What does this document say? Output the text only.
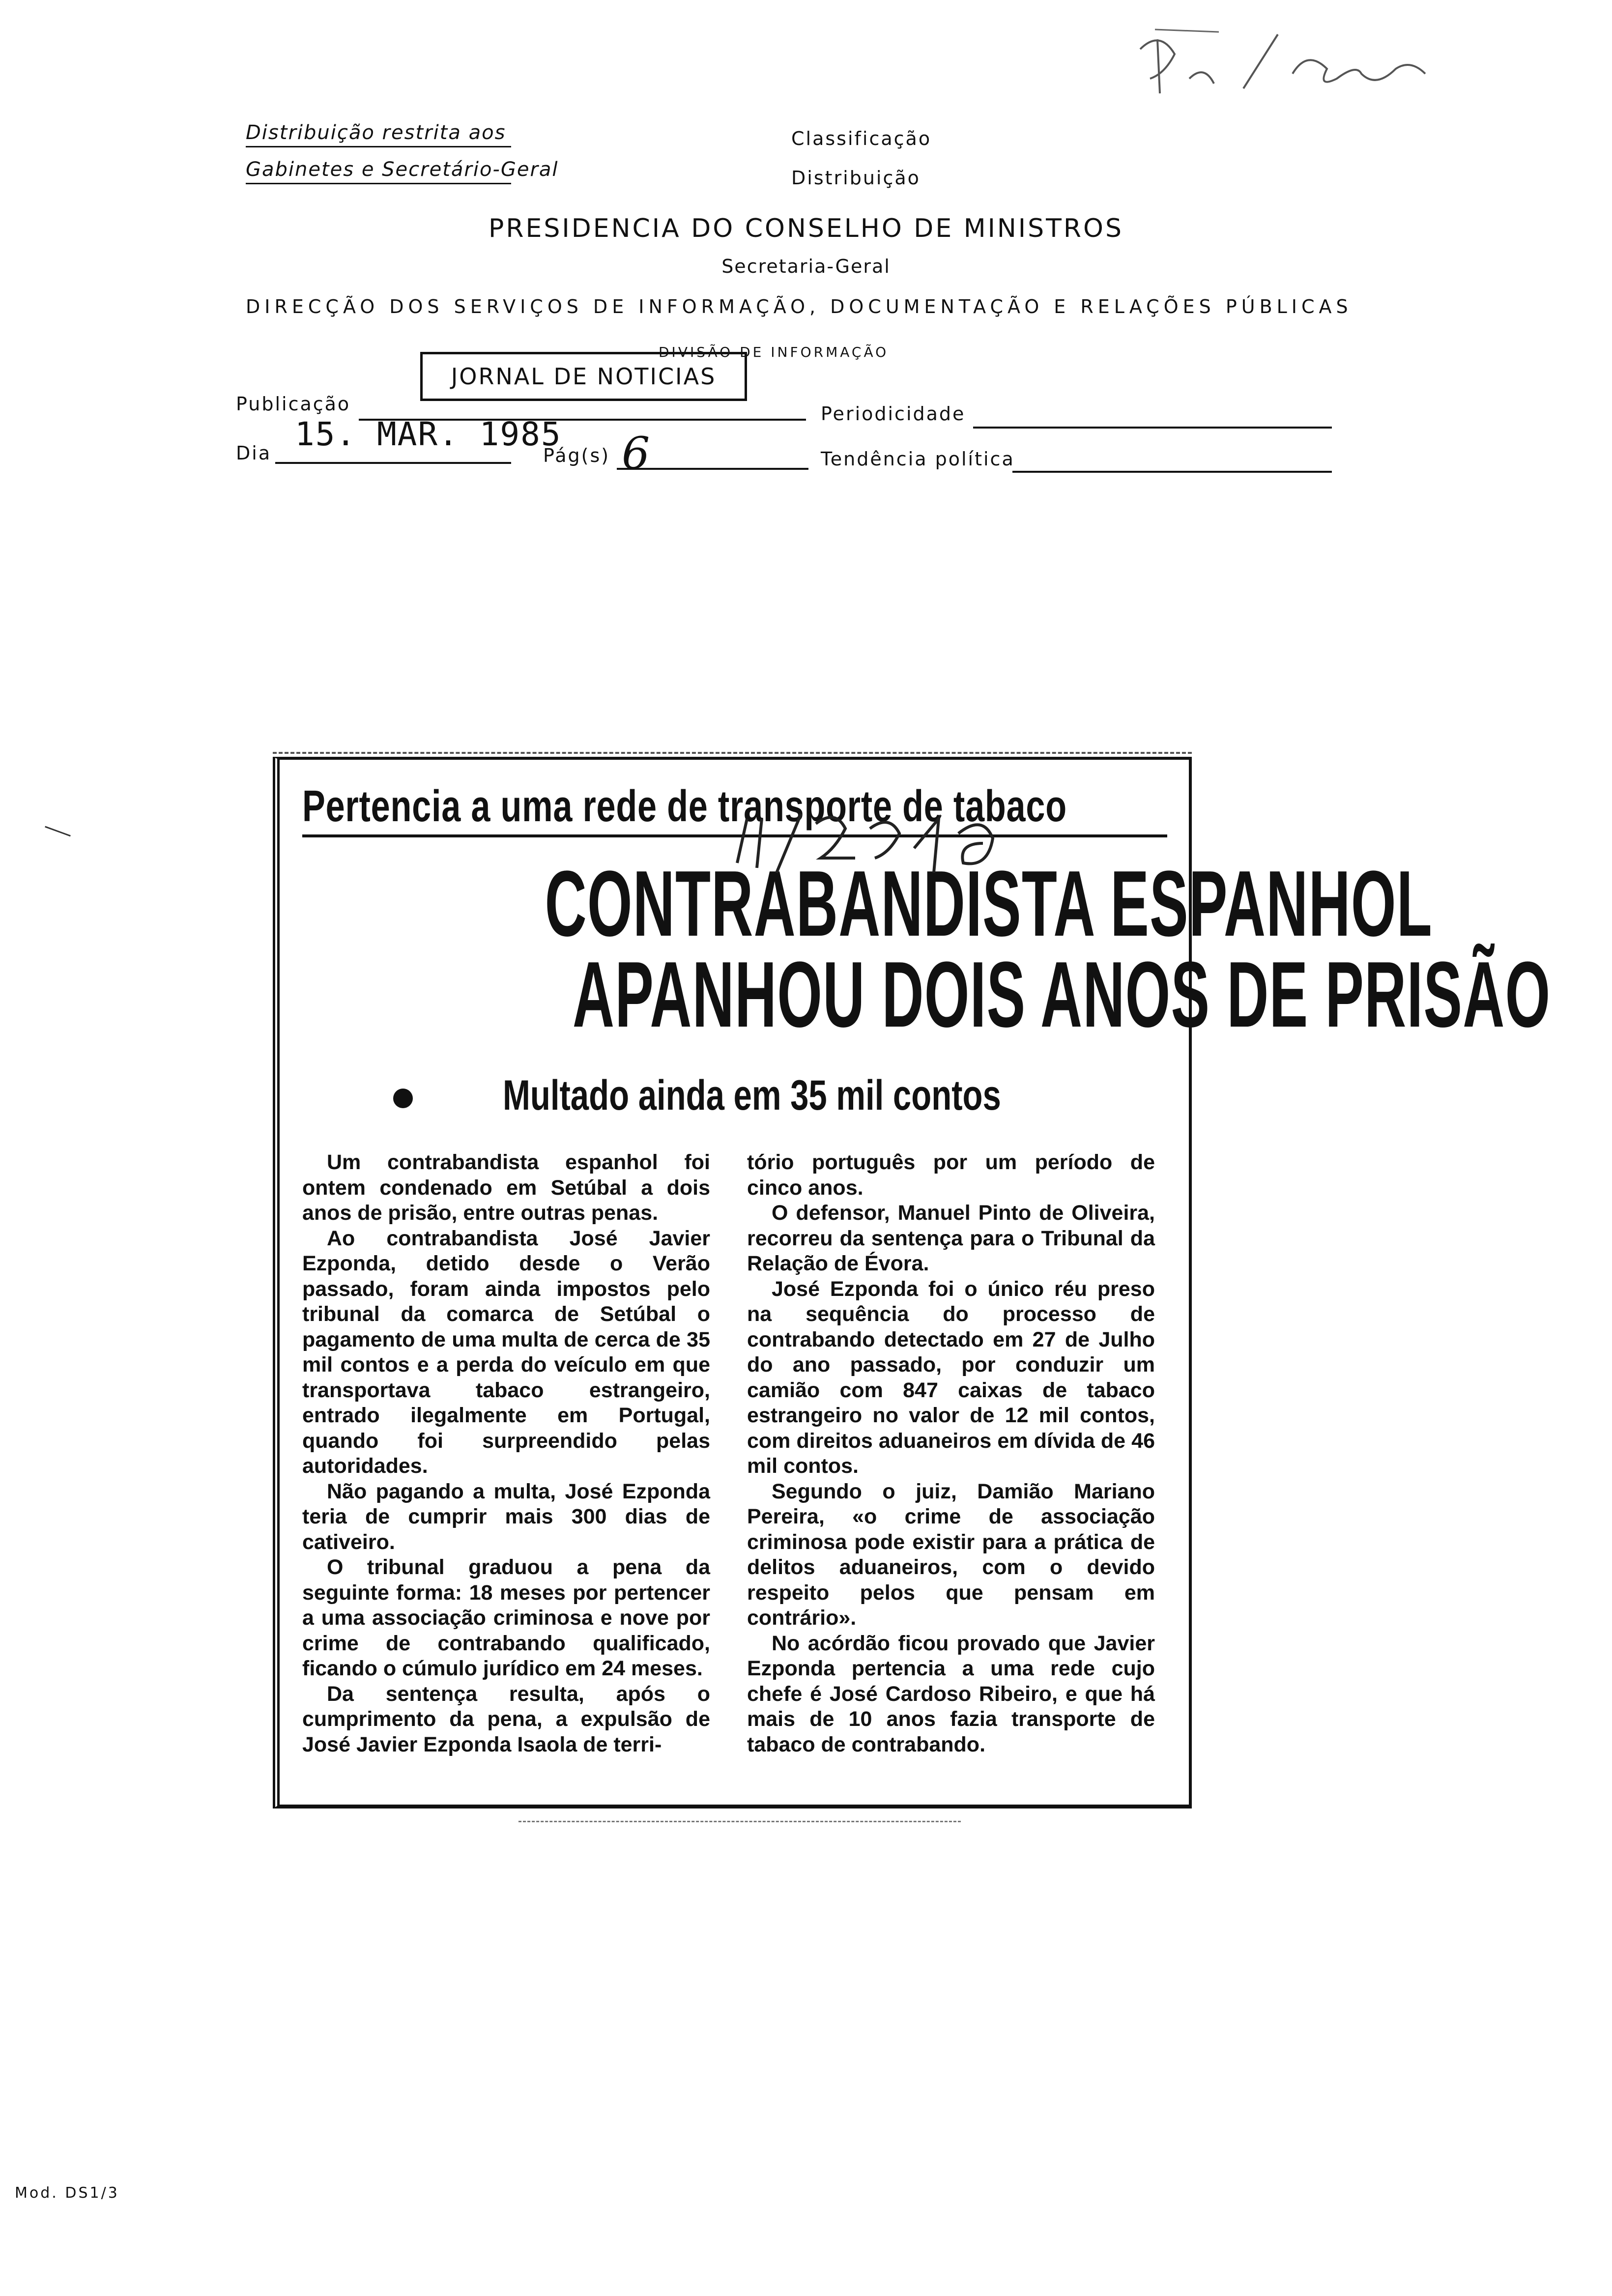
Distribuição restrita aos
Gabinetes e Secretário-Geral
Classificação
Distribuição
PRESIDENCIA DO CONSELHO DE MINISTROS
Secretaria-Geral
DIRECÇÃO DOS SERVIÇOS DE INFORMAÇÃO, DOCUMENTAÇÃO E RELAÇÕES PÚBLICAS
DIVISÃO DE INFORMAÇÃO
Publicação
JORNAL DE NOTICIAS
Periodicidade
Dia 15. MAR. 1985
Pág(s) 6	Tendência política
Pertencia a uma rede de transporte de tabaco
CONTRABANDISTA ESPANHOL
APANHOU DOIS ANOS DE PRISÃO
Multado ainda em 35 mil contos

Um contrabandista espanhol foi ontem condenado em Setúbal a dois anos de prisão, entre outras penas.

Ao contrabandista José Javier Ezponda, detido desde o Verão passado, foram ainda impostos pelo tribunal da comarca de Setúbal o pagamento de uma multa de cerca de 35 mil contos e a perda do veículo em que transportava tabaco estrangeiro, entrado ilegalmente em Portugal, quando foi surpreendido pelas autoridades.

Não pagando a multa, José Ezponda teria de cumprir mais 300 dias de cativeiro.

O tribunal graduou a pena da seguinte forma: 18 meses por pertencer a uma associação criminosa e nove por crime de contrabando qualificado, ficando o cúmulo jurídico em 24 meses.

Da sentença resulta, após o cumprimento da pena, a expulsão de José Javier Ezponda Isaola de terri-

tório português por um período de cinco anos.

O defensor, Manuel Pinto de Oliveira, recorreu da sentença para o Tribunal da Relação de Évora.

José Ezponda foi o único réu preso na sequência do processo de contrabando detectado em 27 de Julho do ano passado, por conduzir um camião com 847 caixas de tabaco estrangeiro no valor de 12 mil contos, com direitos aduaneiros em dívida de 46 mil contos.

Segundo o juiz, Damião Mariano Pereira, «o crime de associação criminosa pode existir para a prática de delitos aduaneiros, com o devido respeito pelos que pensam em contrário».

No acórdão ficou provado que Javier Ezponda pertencia a uma rede cujo chefe é José Cardoso Ribeiro, e que há mais de 10 anos fazia transporte de tabaco de contrabando.

Mod. DS1/3
